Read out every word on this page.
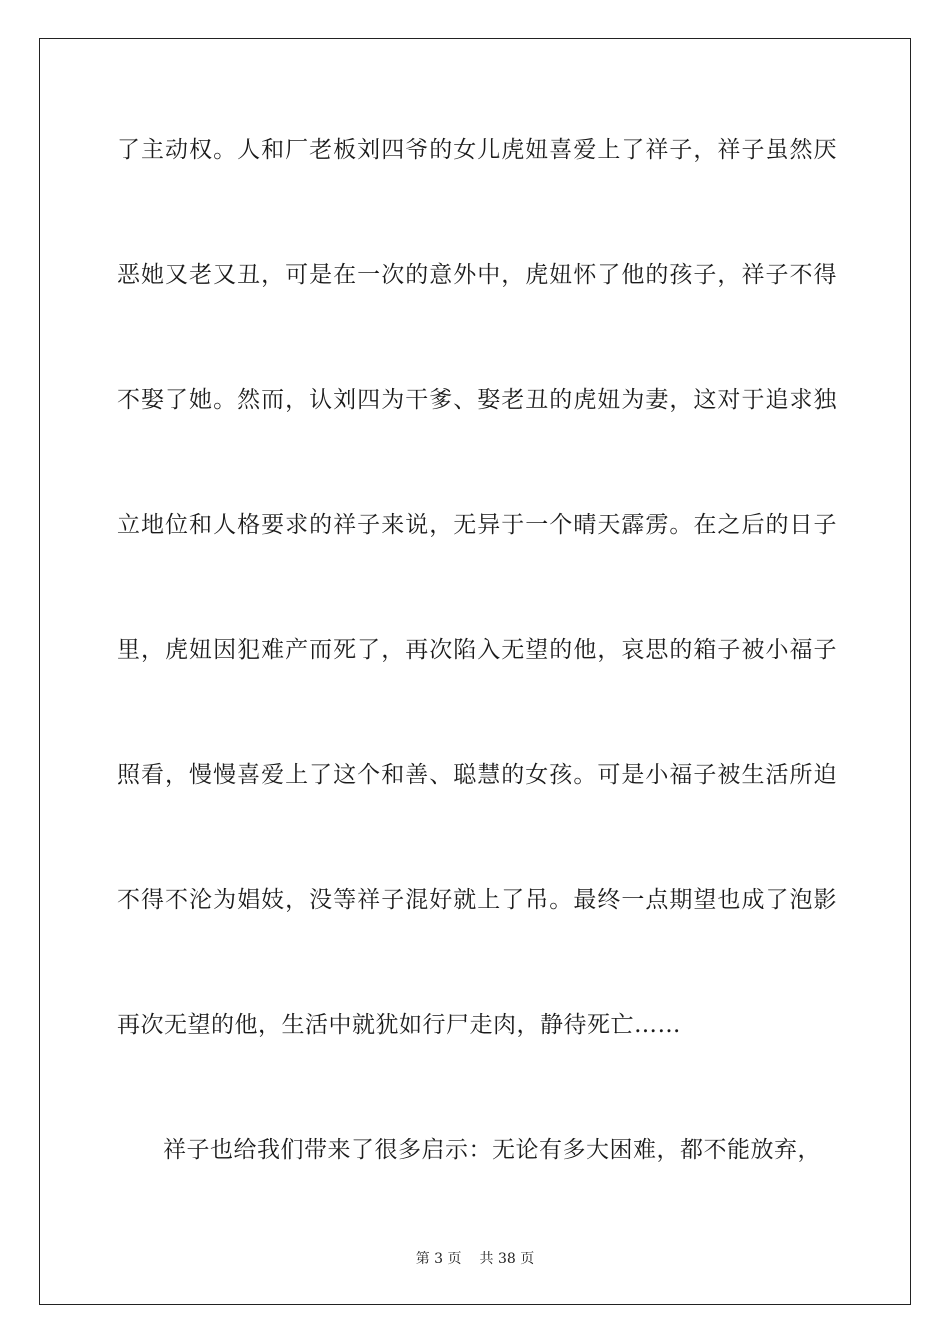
了主动权。人和厂老板刘四爷的女儿虎妞喜爱上了祥子，祥子虽然厌
恶她又老又丑，可是在一次的意外中，虎妞怀了他的孩子，祥子不得
不娶了她。然而，认刘四为干爹、娶老丑的虎妞为妻，这对于追求独
立地位和人格要求的祥子来说，无异于一个晴天霹雳。在之后的日子
里，虎妞因犯难产而死了，再次陷入无望的他，哀思的箱子被小福子
照看，慢慢喜爱上了这个和善、聪慧的女孩。可是小福子被生活所迫
不得不沦为娼妓，没等祥子混好就上了吊。最终一点期望也成了泡影
再次无望的他，生活中就犹如行尸走肉，静待死亡……
祥子也给我们带来了很多启示：无论有多大困难，都不能放弃，
第 3 页 共 38 页
